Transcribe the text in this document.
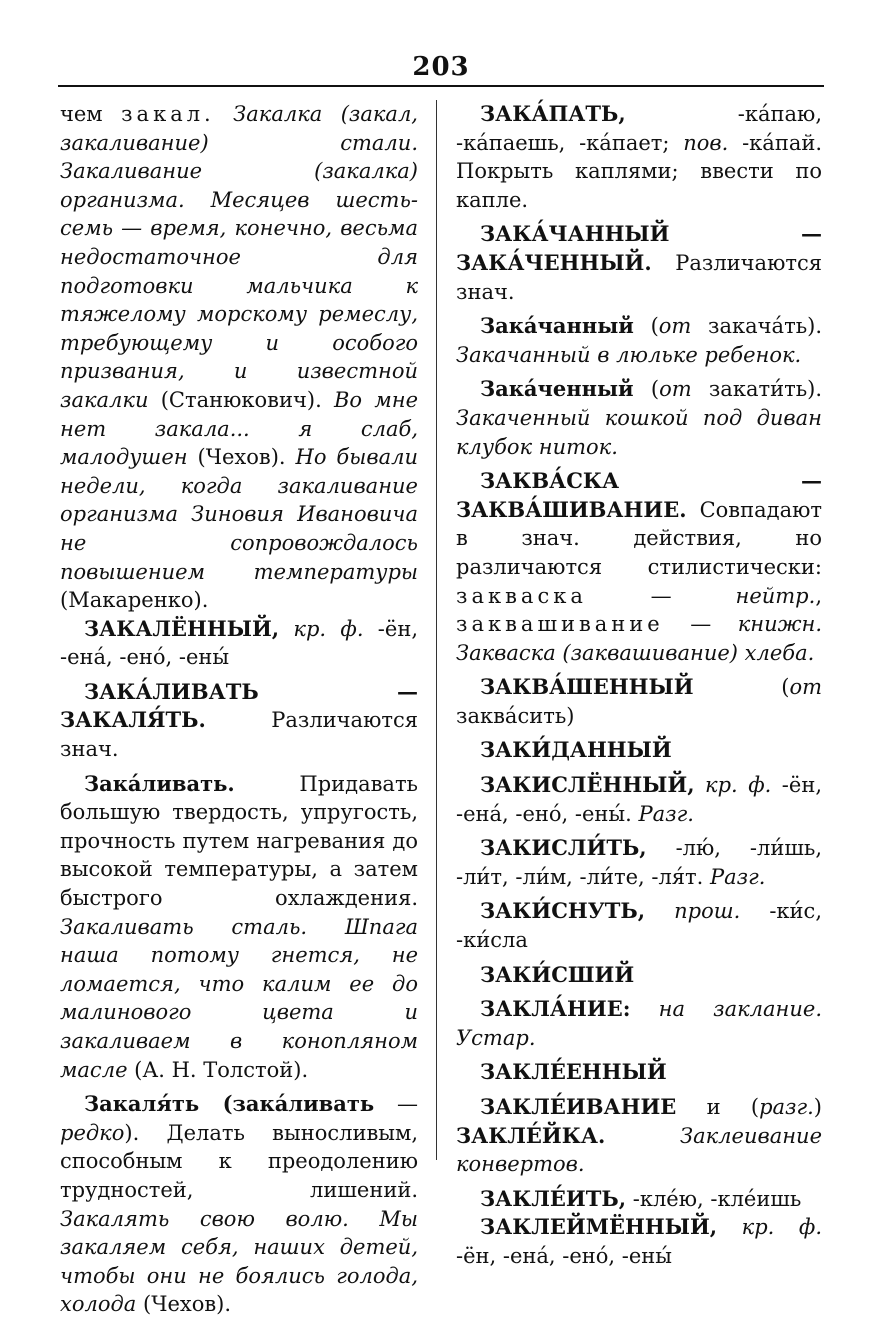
203

чем закал. Закалка (закал, закаливание) стали. Закаливание (закалка) организма. Месяцев шесть-семь — время, конечно, весьма недостаточное для подготовки мальчика к тяжелому морскому ремеслу, требующему и особого призвания, и известной закалки (Станюкович). Во мне нет закала... я слаб, малодушен (Чехов). Но бывали недели, когда закаливание организма Зиновия Ивановича не сопровождалось повышением температуры (Макаренко).

ЗАКАЛЁННЫЙ, кр. ф. -ён, -ена́, -ено́, -ены́

ЗАКА́ЛИВАТЬ — ЗАКАЛЯ́ТЬ. Различаются знач.

Зака́ливать. Придавать большую твердость, упругость, прочность путем нагревания до высокой температуры, а затем быстрого охлаждения. Закаливать сталь. Шпага наша потому гнется, не ломается, что калим ее до малинового цвета и закаливаем в конопляном масле (А. Н. Толстой).

Закаля́ть (зака́ливать — редко). Делать выносливым, способным к преодолению трудностей, лишений. Закалять свою волю. Мы закаляем себя, наших детей, чтобы они не боялись голода, холода (Чехов).

ЗАКА́ПАТЬ, -ка́паю, -ка́паешь, -ка́пает; пов. -ка́пай. Покрыть каплями; ввести по капле.

ЗАКА́ЧАННЫЙ — ЗАКА́ЧЕННЫЙ. Различаются знач.

Зака́чанный (от закача́ть). Закачанный в люльке ребенок.

Зака́ченный (от закати́ть). Закаченный кошкой под диван клубок ниток.

ЗАКВА́СКА — ЗАКВА́ШИВАНИЕ. Совпадают в знач. действия, но различаются стилистически: закваска — нейтр., заквашивание — книжн. Закваска (заквашивание) хлеба.

ЗАКВА́ШЕННЫЙ (от заква́сить)

ЗАКИ́ДАННЫЙ

ЗАКИСЛЁННЫЙ, кр. ф. -ён, -ена́, -ено́, -ены́. Разг.

ЗАКИСЛИ́ТЬ, -лю́, -ли́шь, -ли́т, -ли́м, -ли́те, -ля́т. Разг.

ЗАКИ́СНУТЬ, прош. -ки́с, -ки́сла

ЗАКИ́СШИЙ

ЗАКЛА́НИЕ: на заклание. Устар.

ЗАКЛЕ́ЕННЫЙ

ЗАКЛЕ́ИВАНИЕ и (разг.) ЗАКЛЕ́ЙКА. Заклеивание конвертов.

ЗАКЛЕ́ИТЬ, -кле́ю, -кле́ишь

ЗАКЛЕЙМЁННЫЙ, кр. ф. -ён, -ена́, -ено́, -ены́
